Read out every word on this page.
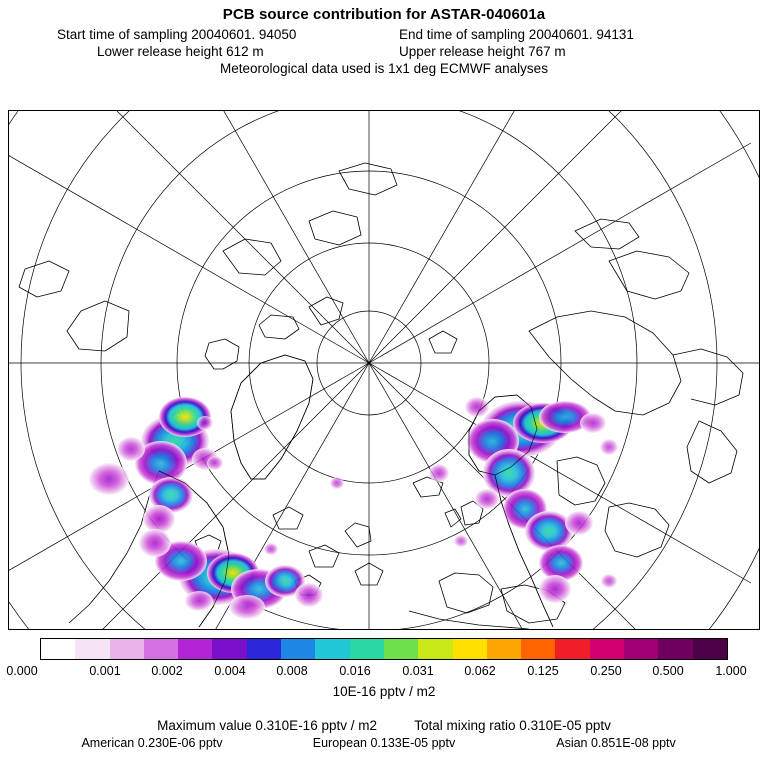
PCB source contribution for ASTAR-040601a
Start time of sampling 20040601. 94050	End time of sampling 20040601. 94131
Lower release height 612 m	Upper release height 767 m
Meteorological data used is 1x1 deg ECMWF analyses
0.000	0.001 0.002	0.004 0.008	0.016	0.031 0.062	0.125	0.250 0.500	1.000
10E-16 pptv / m2
Maximum value 0.310E-16 pptv / m2	Total mixing ratio 0.310E-05 pptv
American 0.230E-06 pptv	European 0.133E-05 pptv	Asian 0.851E-08 pptv
